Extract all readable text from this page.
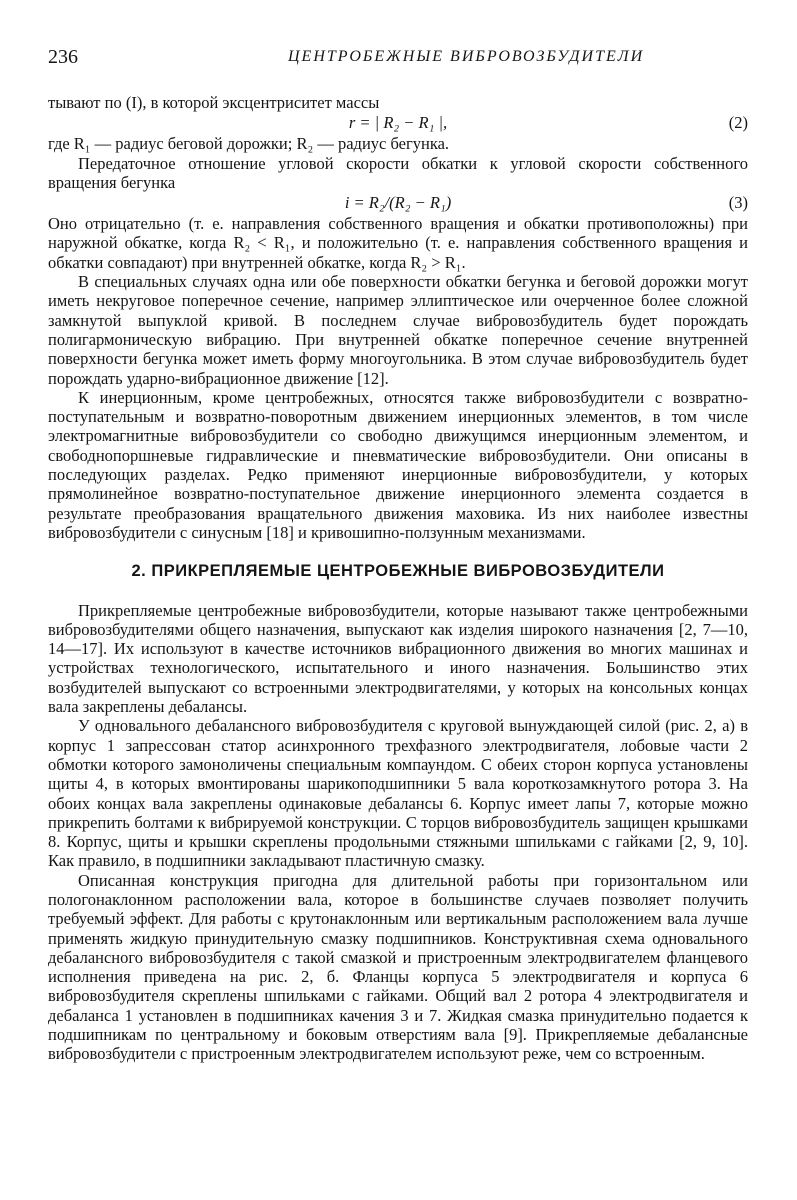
236	ЦЕНТРОБЕЖНЫЕ ВИБРОВОЗБУДИТЕЛИ

тывают по (I), в которой эксцентриситет массы

r = | R₂ − R₁ |,	(2)

где R₁ — радиус беговой дорожки; R₂ — радиус бегунка.

Передаточное отношение угловой скорости обкатки к угловой скорости собственного вращения бегунка

i = R₂/(R₂ − R₁)	(3)

Оно отрицательно (т. е. направления собственного вращения и обкатки противоположны) при наружной обкатке, когда R₂ < R₁, и положительно (т. е. направления собственного вращения и обкатки совпадают) при внутренней обкатке, когда R₂ > R₁.

В специальных случаях одна или обе поверхности обкатки бегунка и беговой дорожки могут иметь некруговое поперечное сечение, например эллиптическое или очерченное более сложной замкнутой выпуклой кривой. В последнем случае вибровозбудитель будет порождать полигармоническую вибрацию. При внутренней обкатке поперечное сечение внутренней поверхности бегунка может иметь форму многоугольника. В этом случае вибровозбудитель будет порождать ударно-вибрационное движение [12].

К инерционным, кроме центробежных, относятся также вибровозбудители с возвратно-поступательным и возвратно-поворотным движением инерционных элементов, в том числе электромагнитные вибровозбудители со свободно движущимся инерционным элементом, и свободнопоршневые гидравлические и пневматические вибровозбудители. Они описаны в последующих разделах. Редко применяют инерционные вибровозбудители, у которых прямолинейное возвратно-поступательное движение инерционного элемента создается в результате преобразования вращательного движения маховика. Из них наиболее известны вибровозбудители с синусным [18] и кривошипно-ползунным механизмами.

2. ПРИКРЕПЛЯЕМЫЕ ЦЕНТРОБЕЖНЫЕ ВИБРОВОЗБУДИТЕЛИ

Прикрепляемые центробежные вибровозбудители, которые называют также центробежными вибровозбудителями общего назначения, выпускают как изделия широкого назначения [2, 7—10, 14—17]. Их используют в качестве источников вибрационного движения во многих машинах и устройствах технологического, испытательного и иного назначения. Большинство этих возбудителей выпускают со встроенными электродвигателями, у которых на консольных концах вала закреплены дебалансы.

У одновального дебалансного вибровозбудителя с круговой вынуждающей силой (рис. 2, а) в корпус 1 запрессован статор асинхронного трехфазного электродвигателя, лобовые части 2 обмотки которого замоноличены специальным компаундом. С обеих сторон корпуса установлены щиты 4, в которых вмонтированы шарикоподшипники 5 вала короткозамкнутого ротора 3. На обоих концах вала закреплены одинаковые дебалансы 6. Корпус имеет лапы 7, которые можно прикрепить болтами к вибрируемой конструкции. С торцов вибровозбудитель защищен крышками 8. Корпус, щиты и крышки скреплены продольными стяжными шпильками с гайками [2, 9, 10]. Как правило, в подшипники закладывают пластичную смазку.

Описанная конструкция пригодна для длительной работы при горизонтальном или пологонаклонном расположении вала, которое в большинстве случаев позволяет получить требуемый эффект. Для работы с крутонаклонным или вертикальным расположением вала лучше применять жидкую принудительную смазку подшипников. Конструктивная схема одновального дебалансного вибровозбудителя с такой смазкой и пристроенным электродвигателем фланцевого исполнения приведена на рис. 2, б. Фланцы корпуса 5 электродвигателя и корпуса 6 вибровозбудителя скреплены шпильками с гайками. Общий вал 2 ротора 4 электродвигателя и дебаланса 1 установлен в подшипниках качения 3 и 7. Жидкая смазка принудительно подается к подшипникам по центральному и боковым отверстиям вала [9]. Прикрепляемые дебалансные вибровозбудители с пристроенным электродвигателем используют реже, чем со встроенным.
